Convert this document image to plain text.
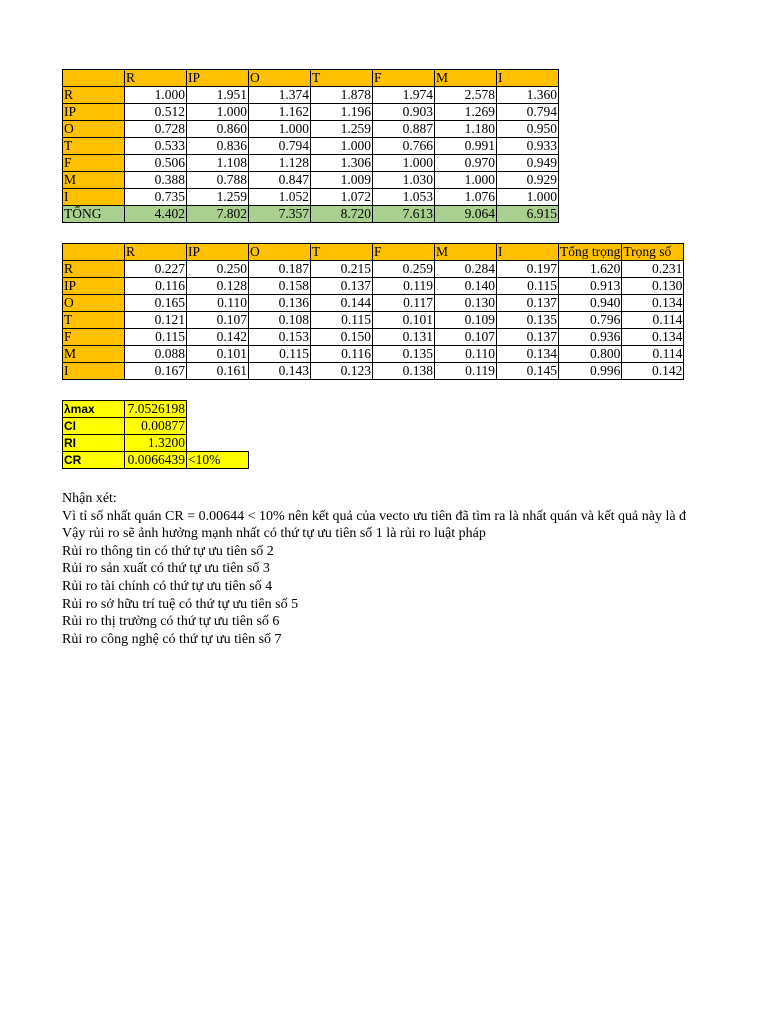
	R	IP	O	T	F	M	I
R	1.000	1.951	1.374	1.878	1.974	2.578	1.360
IP	0.512	1.000	1.162	1.196	0.903	1.269	0.794
O	0.728	0.860	1.000	1.259	0.887	1.180	0.950
T	0.533	0.836	0.794	1.000	0.766	0.991	0.933
F	0.506	1.108	1.128	1.306	1.000	0.970	0.949
M	0.388	0.788	0.847	1.009	1.030	1.000	0.929
I	0.735	1.259	1.052	1.072	1.053	1.076	1.000
TỔNG	4.402	7.802	7.357	8.720	7.613	9.064	6.915
	R	IP	O	T	F	M	I	Tổng trọng	Trọng số
R	0.227	0.250	0.187	0.215	0.259	0.284	0.197	1.620	0.231
IP	0.116	0.128	0.158	0.137	0.119	0.140	0.115	0.913	0.130
O	0.165	0.110	0.136	0.144	0.117	0.130	0.137	0.940	0.134
T	0.121	0.107	0.108	0.115	0.101	0.109	0.135	0.796	0.114
F	0.115	0.142	0.153	0.150	0.131	0.107	0.137	0.936	0.134
M	0.088	0.101	0.115	0.116	0.135	0.110	0.134	0.800	0.114
I	0.167	0.161	0.143	0.123	0.138	0.119	0.145	0.996	0.142
λmax	7.0526198	
CI	0.00877	
RI	1.3200	
CR	0.0066439	<10%
Nhận xét:
Vì tỉ số nhất quán CR = 0.00644 < 10% nên kết quả của vecto ưu tiên đã tìm ra là nhất quán và kết quả này là đ
Vậy rủi ro sẽ ảnh hưởng mạnh nhất có thứ tự ưu tiên số 1 là rủi ro luật pháp
Rủi ro thông tin có thứ tự ưu tiên số 2
Rủi ro sản xuất có thứ tự ưu tiên số 3
Rủi ro tài chính có thứ tự ưu tiên số 4
Rủi ro sở hữu trí tuệ có thứ tự ưu tiên số 5
Rủi ro thị trường có thứ tự ưu tiên số 6
Rủi ro công nghệ có thứ tự ưu tiên số 7
